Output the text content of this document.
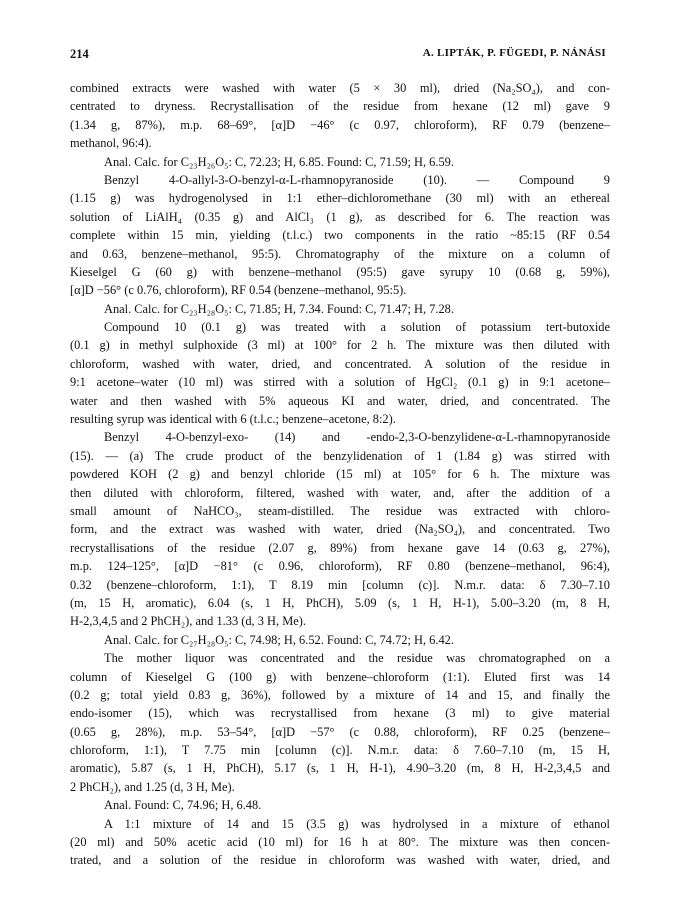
214	A. LIPTÁK, P. FÜGEDI, P. NÁNÁSI
combined extracts were washed with water (5 × 30 ml), dried (Na₂SO₄), and con-
centrated to dryness. Recrystallisation of the residue from hexane (12 ml) gave 9
(1.34 g, 87%), m.p. 68–69°, [α]D −46° (c 0.97, chloroform), RF 0.79 (benzene–
methanol, 96:4).
Anal. Calc. for C₂₃H₂₆O₅: C, 72.23; H, 6.85. Found: C, 71.59; H, 6.59.
Benzyl 4-O-allyl-3-O-benzyl-α-L-rhamnopyranoside (10). — Compound 9
(1.15 g) was hydrogenolysed in 1:1 ether–dichloromethane (30 ml) with an ethereal
solution of LiAlH₄ (0.35 g) and AlCl₃ (1 g), as described for 6. The reaction was
complete within 15 min, yielding (t.l.c.) two components in the ratio ~85:15 (RF 0.54
and 0.63, benzene–methanol, 95:5). Chromatography of the mixture on a column of
Kieselgel G (60 g) with benzene–methanol (95:5) gave syrupy 10 (0.68 g, 59%),
[α]D −56° (c 0.76, chloroform), RF 0.54 (benzene–methanol, 95:5).
Anal. Calc. for C₂₃H₂₈O₅: C, 71.85; H, 7.34. Found: C, 71.47; H, 7.28.
Compound 10 (0.1 g) was treated with a solution of potassium tert-butoxide
(0.1 g) in methyl sulphoxide (3 ml) at 100° for 2 h. The mixture was then diluted with
chloroform, washed with water, dried, and concentrated. A solution of the residue in
9:1 acetone–water (10 ml) was stirred with a solution of HgCl₂ (0.1 g) in 9:1 acetone–
water and then washed with 5% aqueous KI and water, dried, and concentrated. The
resulting syrup was identical with 6 (t.l.c.; benzene–acetone, 8:2).
Benzyl 4-O-benzyl-exo- (14) and -endo-2,3-O-benzylidene-α-L-rhamnopyranoside
(15). — (a) The crude product of the benzylidenation of 1 (1.84 g) was stirred with
powdered KOH (2 g) and benzyl chloride (15 ml) at 105° for 6 h. The mixture was
then diluted with chloroform, filtered, washed with water, and, after the addition of a
small amount of NaHCO₃, steam-distilled. The residue was extracted with chloro-
form, and the extract was washed with water, dried (Na₂SO₄), and concentrated. Two
recrystallisations of the residue (2.07 g, 89%) from hexane gave 14 (0.63 g, 27%),
m.p. 124–125°, [α]D −81° (c 0.96, chloroform), RF 0.80 (benzene–methanol, 96:4),
0.32 (benzene–chloroform, 1:1), T 8.19 min [column (c)]. N.m.r. data: δ 7.30–7.10
(m, 15 H, aromatic), 6.04 (s, 1 H, PhCH), 5.09 (s, 1 H, H-1), 5.00–3.20 (m, 8 H,
H-2,3,4,5 and 2 PhCH₂), and 1.33 (d, 3 H, Me).
Anal. Calc. for C₂₇H₂₈O₅: C, 74.98; H, 6.52. Found: C, 74.72; H, 6.42.
The mother liquor was concentrated and the residue was chromatographed on a
column of Kieselgel G (100 g) with benzene–chloroform (1:1). Eluted first was 14
(0.2 g; total yield 0.83 g, 36%), followed by a mixture of 14 and 15, and finally the
endo-isomer (15), which was recrystallised from hexane (3 ml) to give material
(0.65 g, 28%), m.p. 53–54°, [α]D −57° (c 0.88, chloroform), RF 0.25 (benzene–
chloroform, 1:1), T 7.75 min [column (c)]. N.m.r. data: δ 7.60–7.10 (m, 15 H,
aromatic), 5.87 (s, 1 H, PhCH), 5.17 (s, 1 H, H-1), 4.90–3.20 (m, 8 H, H-2,3,4,5 and
2 PhCH₂), and 1.25 (d, 3 H, Me).
Anal. Found: C, 74.96; H, 6.48.
A 1:1 mixture of 14 and 15 (3.5 g) was hydrolysed in a mixture of ethanol
(20 ml) and 50% acetic acid (10 ml) for 16 h at 80°. The mixture was then concen-
trated, and a solution of the residue in chloroform was washed with water, dried, and
